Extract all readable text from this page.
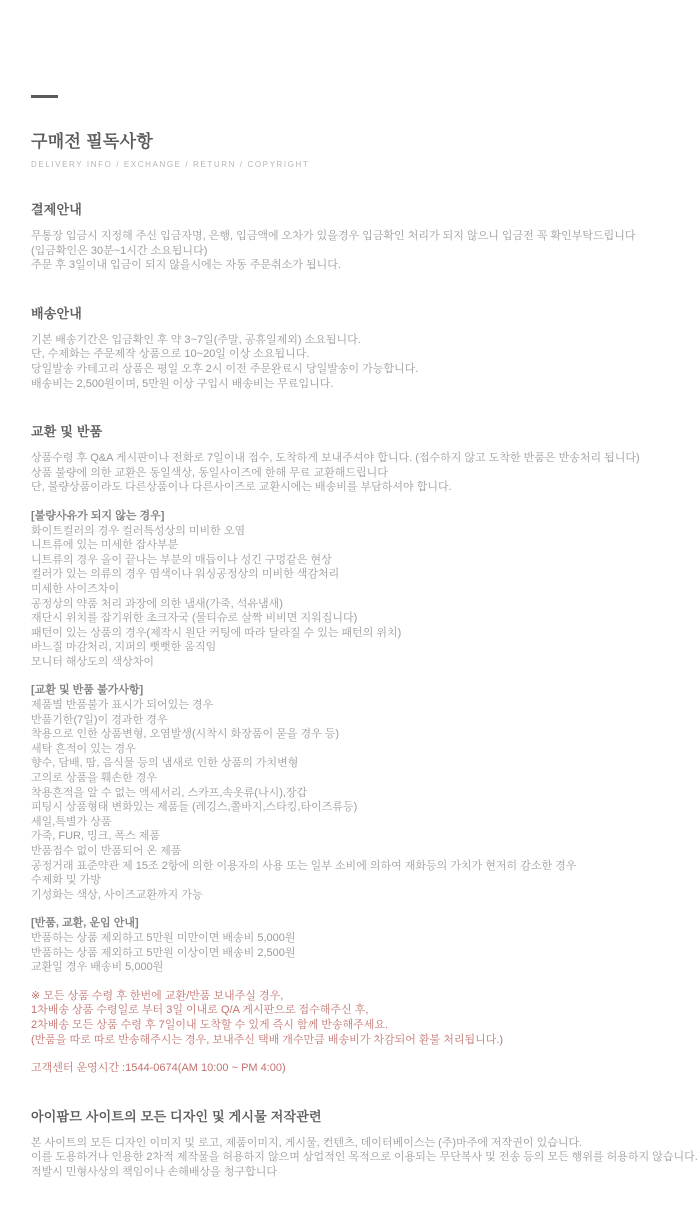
구매전 필독사항

DELIVERY INFO / EXCHANGE / RETURN / COPYRIGHT

결제안내

무통장 입금시 지정해 주신 입금자명, 은행, 입금액에 오차가 있을경우 입금확인 처리가 되지 않으니 입금전 꼭 확인부탁드립니다

(입금확인은 30분~1시간 소요됩니다)

주문 후 3일이내 입금이 되지 않을시에는 자동 주문취소가 됩니다.

배송안내

기본 배송기간은 입금확인 후 약 3~7일(주말, 공휴일제외) 소요됩니다.

단, 수제화는 주문제작 상품으로 10~20일 이상 소요됩니다.

당일발송 카테고리 상품은 평일 오후 2시 이전 주문완료시 당일발송이 가능합니다.

배송비는 2,500원이며, 5만원 이상 구입시 배송비는 무료입니다.

교환 및 반품

상품수령 후 Q&A 게시판이나 전화로 7일이내 접수, 도착하게 보내주셔야 합니다. (접수하지 않고 도착한 반품은 반송처리 됩니다)

상품 불량에 의한 교환은 동일색상, 동일사이즈에 한해 무료 교환해드립니다

단, 불량상품이라도 다른상품이나 다른사이즈로 교환시에는 배송비를 부담하셔야 합니다.

[불량사유가 되지 않는 경우]

화이트컬러의 경우 컬러특성상의 미비한 오염

니트류에 있는 미세한 잡사부분

니트류의 경우 올이 끝나는 부분의 매듭이나 성긴 구멍같은 현상

컬러가 있는 의류의 경우 염색이나 워싱공정상의 미비한 색감처리

미세한 사이즈차이

공정상의 약품 처리 과장에 의한 냄새(가죽, 석유냄새)

재단시 위치를 잡기위한 초크자국 (물티슈로 살짝 비비면 지워집니다)

패턴이 있는 상품의 경우(제작시 원단 커팅에 따라 달라질 수 있는 패턴의 위치)

바느질 마감처리, 지퍼의 뻣뻣한 움직임

모니터 해상도의 색상차이

[교환 및 반품 불가사항]

제품별 반품불가 표시가 되어있는 경우

반품기한(7일)이 경과한 경우

착용으로 인한 상품변형, 오염발생(시착시 화장품이 묻을 경우 등)

세탁 흔적이 있는 경우

향수, 담배, 땀, 음식물 등의 냄새로 인한 상품의 가치변형

고의로 상품을 훼손한 경우

착용흔적을 알 수 없는 액세서리, 스카프,속옷류(나시),장갑

피팅시 상품형태 변화있는 제품들 (레깅스,쫄바지,스타킹,타이즈류등)

세일,특별가 상품

가죽, FUR, 밍크, 폭스 제품

반품접수 없이 반품되어 온 제품

공정거래 표준약관 제 15조 2항에 의한 이용자의 사용 또는 일부 소비에 의하여 재화등의 가치가 현저히 감소한 경우

수제화 및 가방

기성화는 색상, 사이즈교환까지 가능

[반품, 교환, 운임 안내]

반품하는 상품 제외하고 5만원 미만이면 배송비 5,000원

반품하는 상품 제외하고 5만원 이상이면 배송비 2,500원

교환일 경우 배송비 5,000원

※ 모든 상품 수령 후 한번에 교환/반품 보내주실 경우,

1차배송 상품 수령일로 부터 3일 이내로 Q/A 게시판으로 접수해주신 후,

2차배송 모든 상품 수령 후 7일이내 도착할 수 있게 즉시 함께 반송해주세요.

(반품을 따로 따로 반송해주시는 경우, 보내주신 택배 개수만큼 배송비가 차감되어 환불 처리됩니다.)

고객센터 운영시간 :1544-0674(AM 10:00 ~ PM 4:00)

아이팜므 사이트의 모든 디자인 및 게시물 저작관련

본 사이트의 모든 디자인 이미지 및 로고, 제품이미지, 게시물, 컨텐츠, 데이터베이스는 (주)마주에 저작권이 있습니다.

이를 도용하거나 인용한 2차적 제작물을 허용하지 않으며 상업적인 목적으로 이용되는 무단복사 및 전송 등의 모든 행위를 허용하지 않습니다.

적발시 민형사상의 책임이나 손해배상을 청구합니다
